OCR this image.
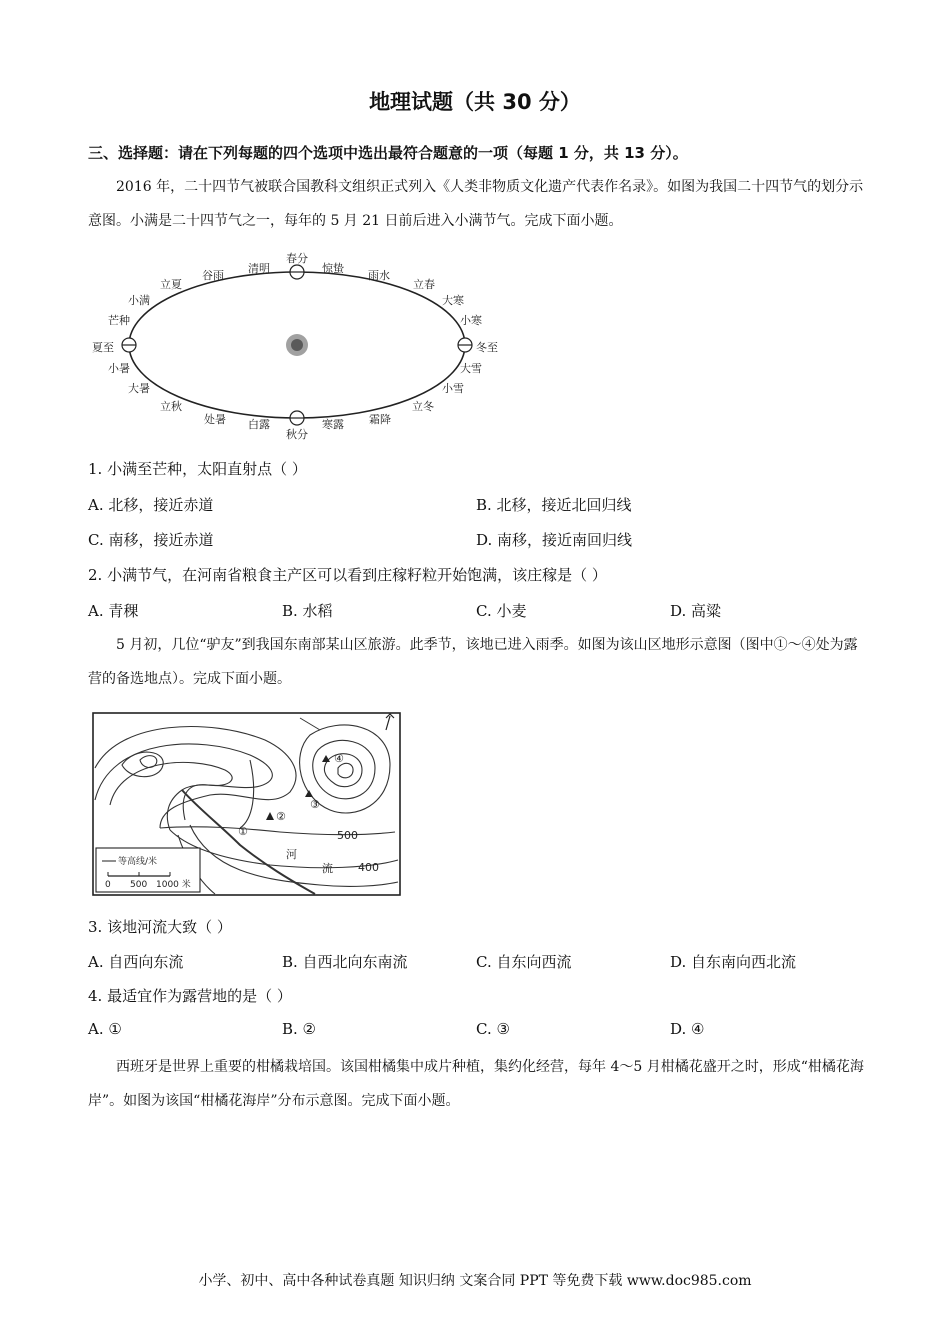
地理试题（共 30 分）
三、选择题：请在下列每题的四个选项中选出最符合题意的一项（每题 1 分，共 13 分）。
2016 年，二十四节气被联合国教科文组织正式列入《人类非物质文化遗产代表作名录》。如图为我国二十四节气的划分示意图。小满是二十四节气之一，每年的 5 月 21 日前后进入小满节气。完成下面小题。
春分
惊蛰
雨水
立春
大寒
小寒
冬至
大雪
小雪
立冬
霜降
寒露
秋分
白露
处暑
立秋
大暑
小暑
夏至
芒种
小满
立夏
谷雨
清明
1. 小满至芒种，太阳直射点（ ）
A. 北移，接近赤道	B. 北移，接近北回归线
C. 南移，接近赤道	D. 南移，接近南回归线
2. 小满节气，在河南省粮食主产区可以看到庄稼籽粒开始饱满，该庄稼是（ ）
A. 青稞	B. 水稻	C. 小麦	D. 高粱
5 月初，几位“驴友”到我国东南部某山区旅游。此季节，该地已进入雨季。如图为该山区地形示意图（图中①～④处为露营的备选地点）。完成下面小题。
500
400
河
流
①
②
③
④
等高线/米
0 500 1000 米
3. 该地河流大致（ ）
A. 自西向东流	B. 自西北向东南流	C. 自东向西流	D. 自东南向西北流
4. 最适宜作为露营地的是（ ）
A. ①	B. ②	C. ③	D. ④
西班牙是世界上重要的柑橘栽培国。该国柑橘集中成片种植，集约化经营，每年 4～5 月柑橘花盛开之时，形成“柑橘花海岸”。如图为该国“柑橘花海岸”分布示意图。完成下面小题。
小学、初中、高中各种试卷真题 知识归纳 文案合同 PPT 等免费下载 www.doc985.com
